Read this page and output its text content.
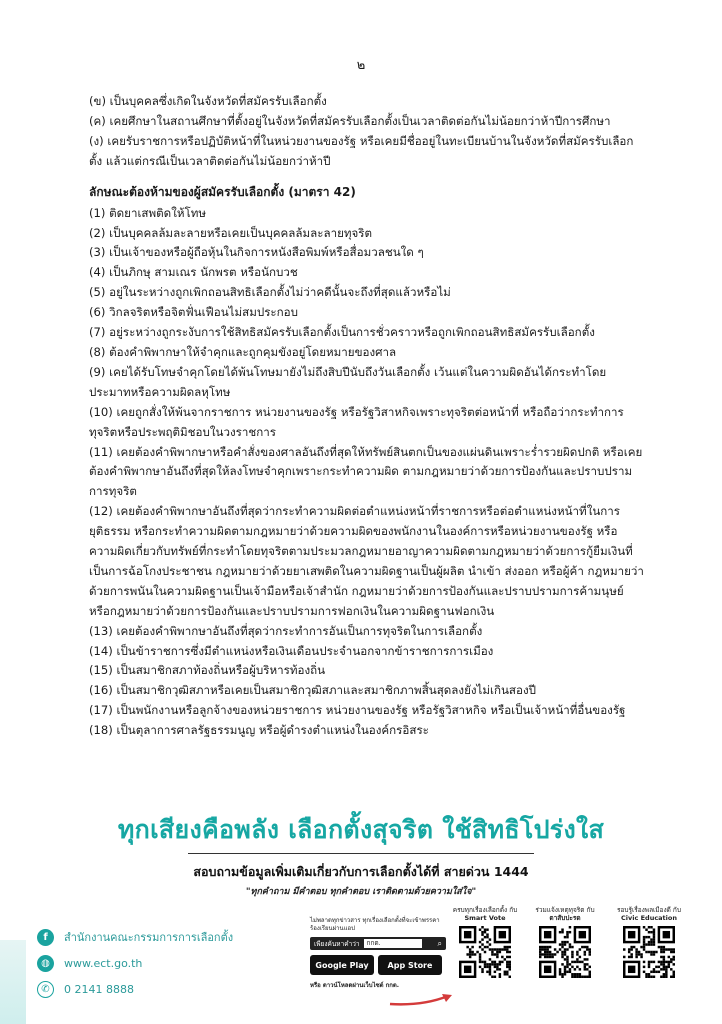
๒

(ข) เป็นบุคคลซึ่งเกิดในจังหวัดที่สมัครรับเลือกตั้ง

(ค) เคยศึกษาในสถานศึกษาที่ตั้งอยู่ในจังหวัดที่สมัครรับเลือกตั้งเป็นเวลาติดต่อกันไม่น้อยกว่าห้าปีการศึกษา

(ง) เคยรับราชการหรือปฏิบัติหน้าที่ในหน่วยงานของรัฐ หรือเคยมีชื่ออยู่ในทะเบียนบ้านในจังหวัดที่สมัครรับเลือกตั้ง แล้วแต่กรณีเป็นเวลาติดต่อกันไม่น้อยกว่าห้าปี

ลักษณะต้องห้ามของผู้สมัครรับเลือกตั้ง (มาตรา 42)

(1) ติดยาเสพติดให้โทษ

(2) เป็นบุคคลล้มละลายหรือเคยเป็นบุคคลล้มละลายทุจริต

(3) เป็นเจ้าของหรือผู้ถือหุ้นในกิจการหนังสือพิมพ์หรือสื่อมวลชนใด ๆ

(4) เป็นภิกษุ สามเณร นักพรต หรือนักบวช

(5) อยู่ในระหว่างถูกเพิกถอนสิทธิเลือกตั้งไม่ว่าคดีนั้นจะถึงที่สุดแล้วหรือไม่

(6) วิกลจริตหรือจิตฟั่นเฟือนไม่สมประกอบ

(7) อยู่ระหว่างถูกระงับการใช้สิทธิสมัครรับเลือกตั้งเป็นการชั่วคราวหรือถูกเพิกถอนสิทธิสมัครรับเลือกตั้ง

(8) ต้องคำพิพากษาให้จำคุกและถูกคุมขังอยู่โดยหมายของศาล

(9) เคยได้รับโทษจำคุกโดยได้พ้นโทษมายังไม่ถึงสิบปีนับถึงวันเลือกตั้ง เว้นแต่ในความผิดอันได้กระทำโดยประมาทหรือความผิดลหุโทษ

(10) เคยถูกสั่งให้พ้นจากราชการ หน่วยงานของรัฐ หรือรัฐวิสาหกิจเพราะทุจริตต่อหน้าที่ หรือถือว่ากระทำการทุจริตหรือประพฤติมิชอบในวงราชการ

(11) เคยต้องคำพิพากษาหรือคำสั่งของศาลอันถึงที่สุดให้ทรัพย์สินตกเป็นของแผ่นดินเพราะร่ำรวยผิดปกติ หรือเคยต้องคำพิพากษาอันถึงที่สุดให้ลงโทษจำคุกเพราะกระทำความผิด ตามกฎหมายว่าด้วยการป้องกันและปราบปรามการทุจริต

(12) เคยต้องคำพิพากษาอันถึงที่สุดว่ากระทำความผิดต่อตำแหน่งหน้าที่ราชการหรือต่อตำแหน่งหน้าที่ในการยุติธรรม หรือกระทำความผิดตามกฎหมายว่าด้วยความผิดของพนักงานในองค์การหรือหน่วยงานของรัฐ หรือความผิดเกี่ยวกับทรัพย์ที่กระทำโดยทุจริตตามประมวลกฎหมายอาญาความผิดตามกฎหมายว่าด้วยการกู้ยืมเงินที่เป็นการฉ้อโกงประชาชน กฎหมายว่าด้วยยาเสพติดในความผิดฐานเป็นผู้ผลิต นำเข้า ส่งออก หรือผู้ค้า กฎหมายว่าด้วยการพนันในความผิดฐานเป็นเจ้ามือหรือเจ้าสำนัก กฎหมายว่าด้วยการป้องกันและปราบปรามการค้ามนุษย์ หรือกฎหมายว่าด้วยการป้องกันและปราบปรามการฟอกเงินในความผิดฐานฟอกเงิน

(13) เคยต้องคำพิพากษาอันถึงที่สุดว่ากระทำการอันเป็นการทุจริตในการเลือกตั้ง

(14) เป็นข้าราชการซึ่งมีตำแหน่งหรือเงินเดือนประจำนอกจากข้าราชการการเมือง

(15) เป็นสมาชิกสภาท้องถิ่นหรือผู้บริหารท้องถิ่น

(16) เป็นสมาชิกวุฒิสภาหรือเคยเป็นสมาชิกวุฒิสภาและสมาชิกภาพสิ้นสุดลงยังไม่เกินสองปี

(17) เป็นพนักงานหรือลูกจ้างของหน่วยราชการ หน่วยงานของรัฐ หรือรัฐวิสาหกิจ หรือเป็นเจ้าหน้าที่อื่นของรัฐ

(18) เป็นตุลาการศาลรัฐธรรมนูญ หรือผู้ดำรงตำแหน่งในองค์กรอิสระ

ทุกเสียงคือพลัง เลือกตั้งสุจริต ใช้สิทธิโปร่งใส
สอบถามข้อมูลเพิ่มเติมเกี่ยวกับการเลือกตั้งได้ที่ สายด่วน 1444
"ทุกคำถาม มีคำตอบ ทุกคำตอบ เราติดตามด้วยความใส่ใจ"
f	สำนักงานคณะกรรมการการเลือกตั้ง
◍	www.ect.go.th
✆	0 2141 8888
ไม่พลาดทุกข่าวสาร ทุกเรื่องเลือกตั้งที่จะเข้าพรรคาร้องเรียนผ่านแอป
เพียงค้นหาคำว่า	กกต.	⌕
Google Play	App Store
หรือ ดาวน์โหลดผ่านเว็บไซต์ กกต.
ครบทุกเรื่องเลือกตั้ง กับ
Smart Vote
ร่วมแจ้งเหตุทุจริต กับ
ตาสับปะรด
รอบรู้เรื่องพลเมืองดี กับ
Civic Education
